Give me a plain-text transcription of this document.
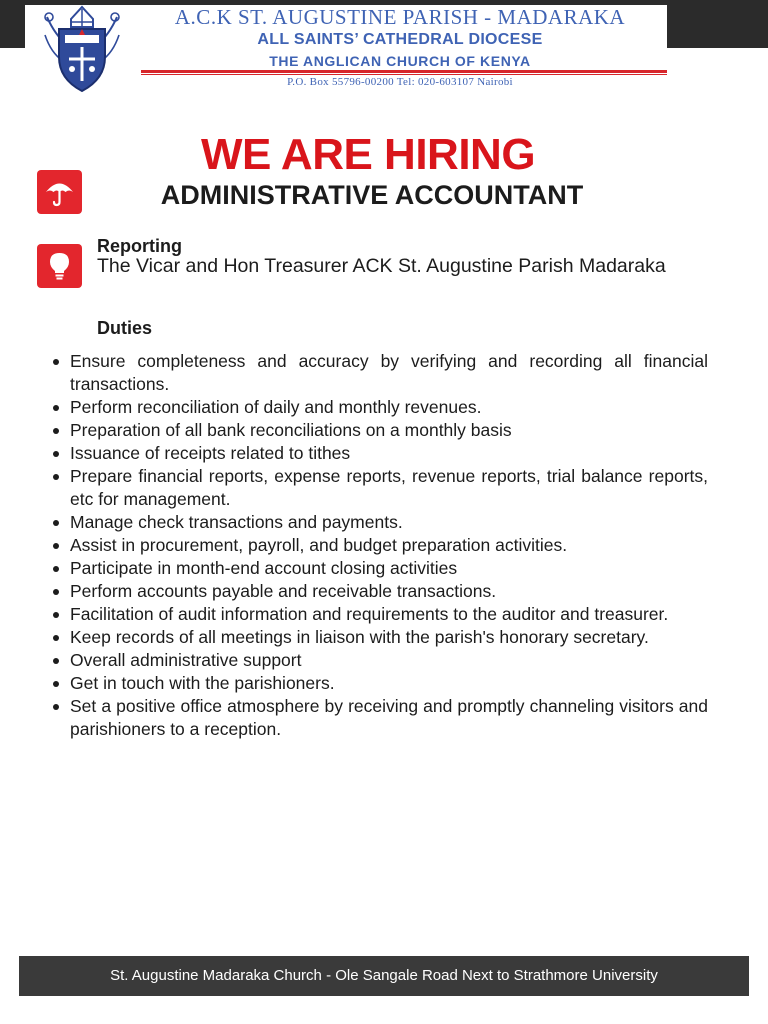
A.C.K ST. AUGUSTINE PARISH - MADARAKA
ALL SAINTS’ CATHEDRAL DIOCESE
THE ANGLICAN CHURCH OF KENYA
P.O. Box 55796-00200 Tel: 020-603107 Nairobi
WE ARE HIRING
ADMINISTRATIVE ACCOUNTANT
Reporting
The Vicar and Hon Treasurer ACK St. Augustine Parish Madaraka
Duties
Ensure completeness and accuracy by verifying and recording all financial transactions.
Perform reconciliation of daily and monthly revenues.
Preparation of all bank reconciliations on a monthly basis
Issuance of receipts related to tithes
Prepare financial reports, expense reports, revenue reports, trial balance reports, etc for management.
Manage check transactions and payments.
Assist in procurement, payroll, and budget preparation activities.
Participate in month-end account closing activities
Perform accounts payable and receivable transactions.
Facilitation of audit information and requirements to the auditor and treasurer.
Keep records of all meetings in liaison with the parish's honorary secretary.
Overall administrative support
Get in touch with the parishioners.
Set a positive office atmosphere by receiving and promptly channeling visitors and parishioners to a reception.
St. Augustine Madaraka Church - Ole Sangale Road Next to Strathmore University
